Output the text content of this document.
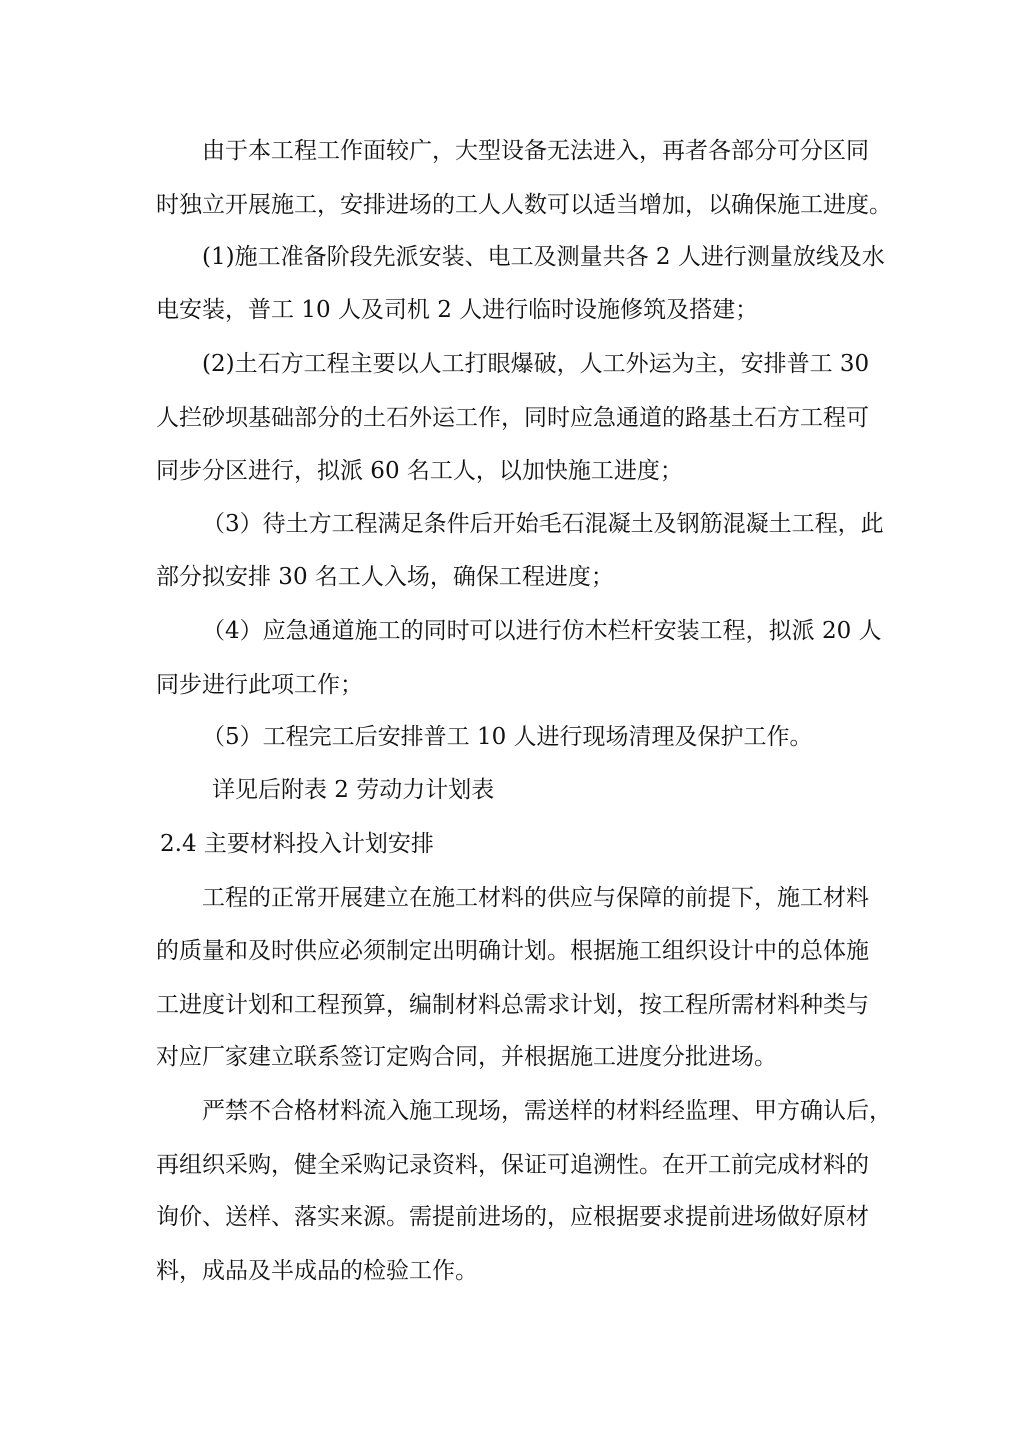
由于本工程工作面较广，大型设备无法进入，再者各部分可分区同
时独立开展施工，安排进场的工人人数可以适当增加，以确保施工进度。
(1)施工准备阶段先派安装、电工及测量共各 2 人进行测量放线及水
电安装，普工 10 人及司机 2 人进行临时设施修筑及搭建；
(2)土石方工程主要以人工打眼爆破，人工外运为主，安排普工 30
人拦砂坝基础部分的土石外运工作，同时应急通道的路基土石方工程可
同步分区进行，拟派 60 名工人，以加快施工进度；
（3）待土方工程满足条件后开始毛石混凝土及钢筋混凝土工程，此
部分拟安排 30 名工人入场，确保工程进度；
（4）应急通道施工的同时可以进行仿木栏杆安装工程，拟派 20 人
同步进行此项工作；
（5）工程完工后安排普工 10 人进行现场清理及保护工作。
详见后附表 2 劳动力计划表
2.4 主要材料投入计划安排
工程的正常开展建立在施工材料的供应与保障的前提下，施工材料
的质量和及时供应必须制定出明确计划。根据施工组织设计中的总体施
工进度计划和工程预算，编制材料总需求计划，按工程所需材料种类与
对应厂家建立联系签订定购合同，并根据施工进度分批进场。
严禁不合格材料流入施工现场，需送样的材料经监理、甲方确认后，
再组织采购，健全采购记录资料，保证可追溯性。在开工前完成材料的
询价、送样、落实来源。需提前进场的，应根据要求提前进场做好原材
料，成品及半成品的检验工作。
